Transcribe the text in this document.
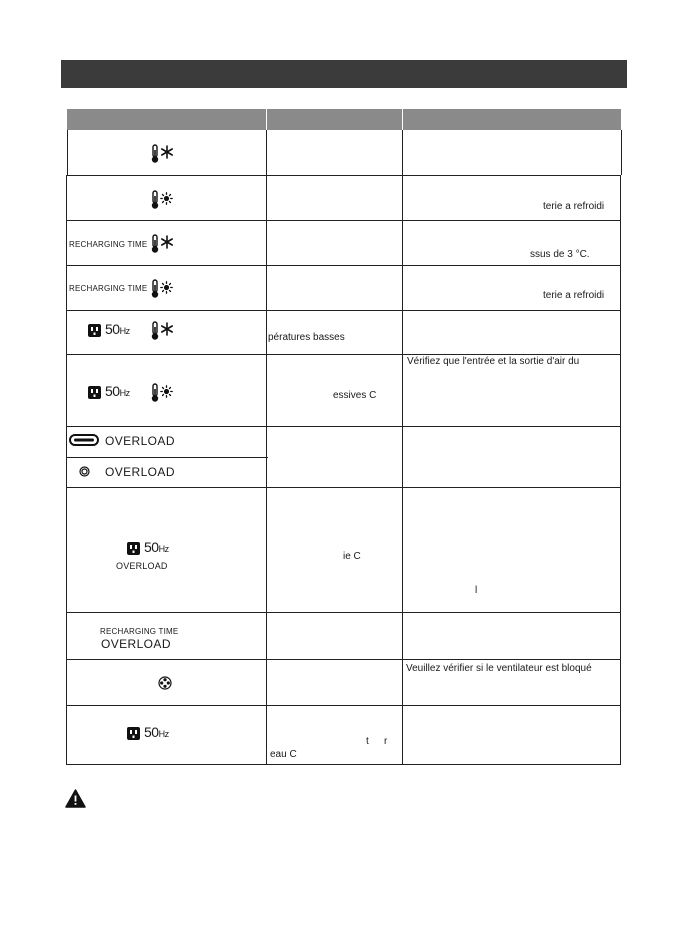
terie a refroidi
RECHARGING TIME
ssus de 3 °C.
RECHARGING TIME
terie a refroidi
50Hz
pératures basses
50Hz	essives C
Vérifiez que l'entrée et la sortie d'air du
OVERLOAD
OVERLOAD
50Hz
OVERLOAD
ie C
l
RECHARGING TIME
OVERLOAD
Veuillez vérifier si le ventilateur est bloqué
50Hz
t r
eau C
